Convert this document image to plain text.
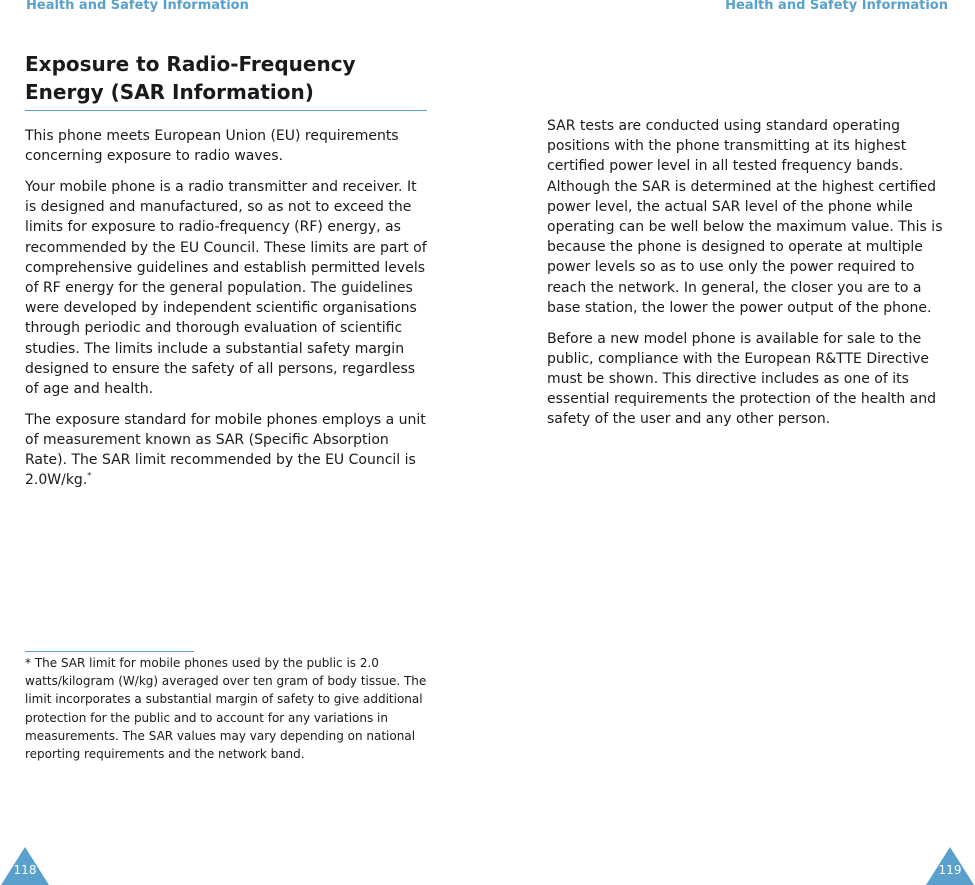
Health and Safety Information	Health and Safety Information
Exposure to Radio-Frequency Energy (SAR Information)

This phone meets European Union (EU) requirements concerning exposure to radio waves.

Your mobile phone is a radio transmitter and receiver. It is designed and manufactured, so as not to exceed the limits for exposure to radio-frequency (RF) energy, as recommended by the EU Council. These limits are part of comprehensive guidelines and establish permitted levels of RF energy for the general population. The guidelines were developed by independent scientific organisations through periodic and thorough evaluation of scientific studies. The limits include a substantial safety margin designed to ensure the safety of all persons, regardless of age and health.

The exposure standard for mobile phones employs a unit of measurement known as SAR (Specific Absorption Rate). The SAR limit recommended by the EU Council is 2.0W/kg.*

* The SAR limit for mobile phones used by the public is 2.0 watts/kilogram (W/kg) averaged over ten gram of body tissue. The limit incorporates a substantial margin of safety to give additional protection for the public and to account for any variations in measurements. The SAR values may vary depending on national reporting requirements and the network band.

SAR tests are conducted using standard operating positions with the phone transmitting at its highest certified power level in all tested frequency bands. Although the SAR is determined at the highest certified power level, the actual SAR level of the phone while operating can be well below the maximum value. This is because the phone is designed to operate at multiple power levels so as to use only the power required to reach the network. In general, the closer you are to a base station, the lower the power output of the phone.

Before a new model phone is available for sale to the public, compliance with the European R&TTE Directive must be shown. This directive includes as one of its essential requirements the protection of the health and safety of the user and any other person.

118	119
